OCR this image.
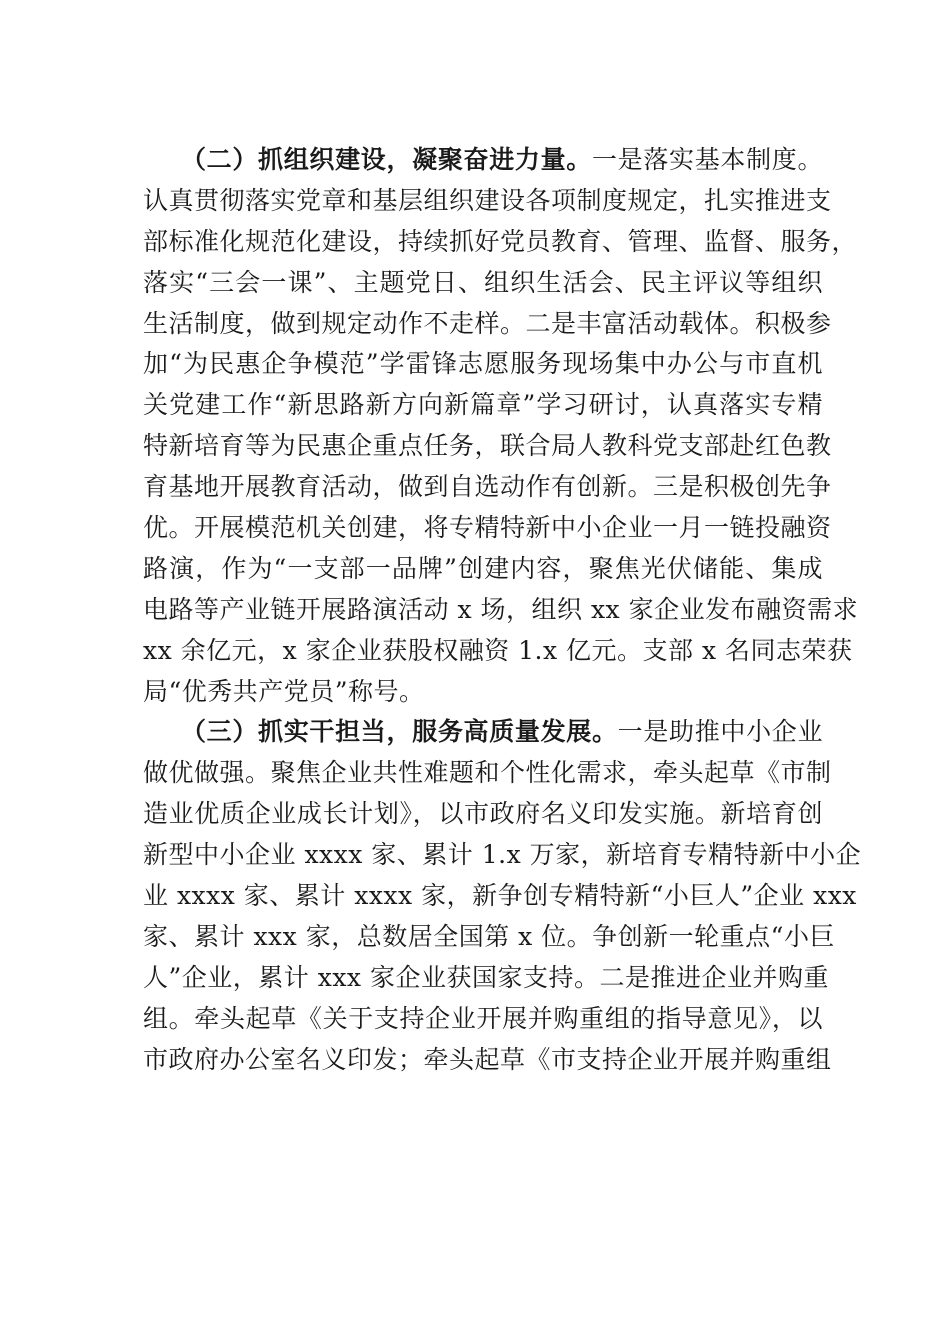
（二）抓组织建设，凝聚奋进力量。一是落实基本制度。
认真贯彻落实党章和基层组织建设各项制度规定，扎实推进支
部标准化规范化建设，持续抓好党员教育、管理、监督、服务，
落实“三会一课”、主题党日、组织生活会、民主评议等组织
生活制度，做到规定动作不走样。二是丰富活动载体。积极参
加“为民惠企争模范”学雷锋志愿服务现场集中办公与市直机
关党建工作“新思路新方向新篇章”学习研讨，认真落实专精
特新培育等为民惠企重点任务，联合局人教科党支部赴红色教
育基地开展教育活动，做到自选动作有创新。三是积极创先争
优。开展模范机关创建，将专精特新中小企业一月一链投融资
路演，作为“一支部一品牌”创建内容，聚焦光伏储能、集成
电路等产业链开展路演活动 x 场，组织 xx 家企业发布融资需求
xx 余亿元，x 家企业获股权融资 1.x 亿元。支部 x 名同志荣获
局“优秀共产党员”称号。
（三）抓实干担当，服务高质量发展。一是助推中小企业
做优做强。聚焦企业共性难题和个性化需求，牵头起草《市制
造业优质企业成长计划》，以市政府名义印发实施。新培育创
新型中小企业 xxxx 家、累计 1.x 万家，新培育专精特新中小企
业 xxxx 家、累计 xxxx 家，新争创专精特新“小巨人”企业 xxx
家、累计 xxx 家，总数居全国第 x 位。争创新一轮重点“小巨
人”企业，累计 xxx 家企业获国家支持。二是推进企业并购重
组。牵头起草《关于支持企业开展并购重组的指导意见》，以
市政府办公室名义印发；牵头起草《市支持企业开展并购重组
